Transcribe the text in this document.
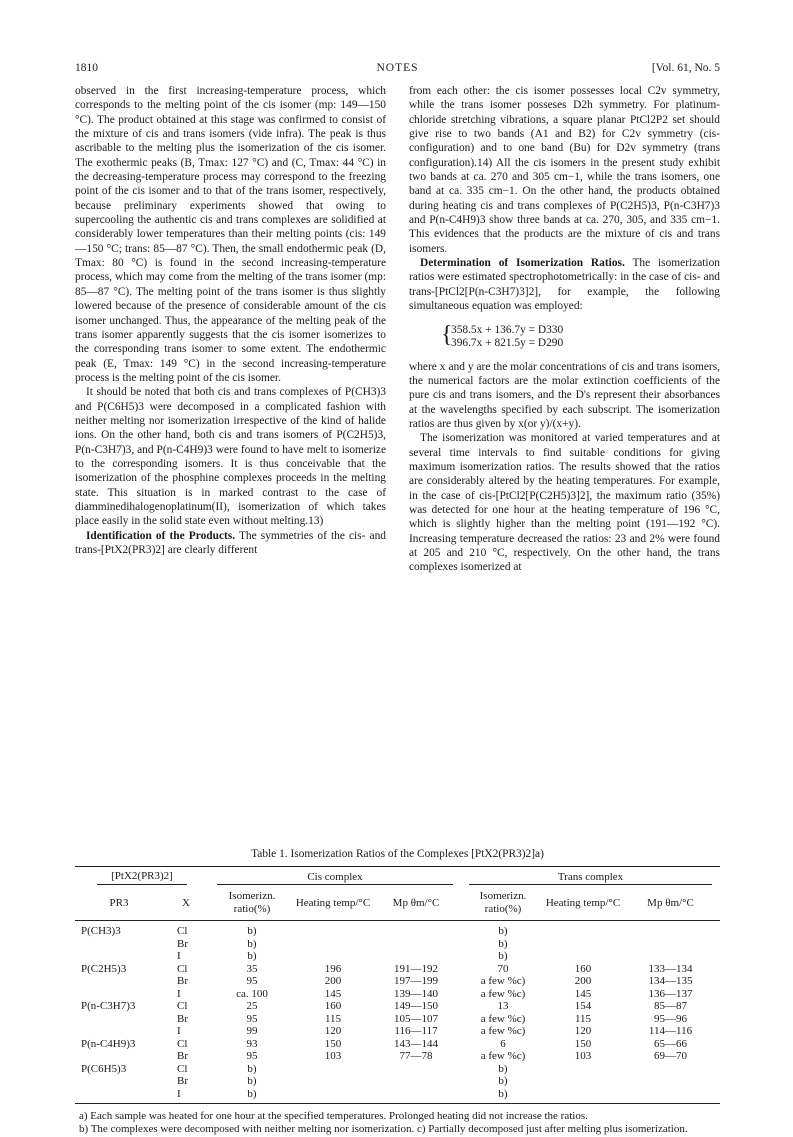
1810	NOTES	[Vol. 61, No. 5

observed in the first increasing-temperature process, which corresponds to the melting point of the cis isomer (mp: 149—150 °C). The product obtained at this stage was confirmed to consist of the mixture of cis and trans isomers (vide infra). The peak is thus ascribable to the melting plus the isomerization of the cis isomer. The exothermic peaks (B, Tmax: 127 °C) and (C, Tmax: 44 °C) in the decreasing-temperature process may correspond to the freezing point of the cis isomer and to that of the trans isomer, respectively, because preliminary experiments showed that owing to supercooling the authentic cis and trans complexes are solidified at considerably lower temperatures than their melting points (cis: 149—150 °C; trans: 85—87 °C). Then, the small endothermic peak (D, Tmax: 80 °C) is found in the second increasing-temperature process, which may come from the melting of the trans isomer (mp: 85—87 °C). The melting point of the trans isomer is thus slightly lowered because of the presence of considerable amount of the cis isomer unchanged. Thus, the appearance of the melting peak of the trans isomer apparently suggests that the cis isomer isomerizes to the corresponding trans isomer to some extent. The endothermic peak (E, Tmax: 149 °C) in the second increasing-temperature process is the melting point of the cis isomer.

It should be noted that both cis and trans complexes of P(CH3)3 and P(C6H5)3 were decomposed in a complicated fashion with neither melting nor isomerization irrespective of the kind of halide ions. On the other hand, both cis and trans isomers of P(C2H5)3, P(n-C3H7)3, and P(n-C4H9)3 were found to have melt to isomerize to the corresponding isomers. It is thus conceivable that the isomerization of the phosphine complexes proceeds in the melting state. This situation is in marked contrast to the case of diamminedihalogenoplatinum(II), isomerization of which takes place easily in the solid state even without melting.13)

Identification of the Products. The symmetries of the cis- and trans-[PtX2(PR3)2] are clearly different

from each other: the cis isomer possesses local C2v symmetry, while the trans isomer posseses D2h symmetry. For platinum-chloride stretching vibrations, a square planar PtCl2P2 set should give rise to two bands (A1 and B2) for C2v symmetry (cis-configuration) and to one band (Bu) for D2v symmetry (trans configuration).14) All the cis isomers in the present study exhibit two bands at ca. 270 and 305 cm−1, while the trans isomers, one band at ca. 335 cm−1. On the other hand, the products obtained during heating cis and trans complexes of P(C2H5)3, P(n-C3H7)3 and P(n-C4H9)3 show three bands at ca. 270, 305, and 335 cm−1. This evidences that the products are the mixture of cis and trans isomers.

Determination of Isomerization Ratios. The isomerization ratios were estimated spectrophotometrically: in the case of cis- and trans-[PtCl2[P(n-C3H7)3]2], for example, the following simultaneous equation was employed:

{
358.5x + 136.7y = D330
396.7x + 821.5y = D290

where x and y are the molar concentrations of cis and trans isomers, the numerical factors are the molar extinction coefficients of the pure cis and trans isomers, and the D's represent their absorbances at the wavelengths specified by each subscript. The isomerization ratios are thus given by x(or y)/(x+y).

The isomerization was monitored at varied temperatures and at several time intervals to find suitable conditions for giving maximum isomerization ratios. The results showed that the ratios are considerably altered by the heating temperatures. For example, in the case of cis-[PtCl2[P(C2H5)3]2], the maximum ratio (35%) was detected for one hour at the heating temperature of 196 °C, which is slightly higher than the melting point (191—192 °C). Increasing temperature decreased the ratios: 23 and 2% were found at 205 and 210 °C, respectively. On the other hand, the trans complexes isomerized at

Table 1. Isomerization Ratios of the Complexes [PtX2(PR3)2]a)
[PtX2(PR3)2]		Cis complex			Trans complex		

PR3	X	Isomerizn. ratio(%)	Heating temp/°C	Mp θm/°C	Isomerizn. ratio(%)	Heating temp/°C	Mp θm/°C
P(CH3)3	Cl	b)			b)		
	Br	b)			b)		
	I	b)			b)		
P(C2H5)3	Cl	35	196	191—192	70	160	133—134
	Br	95	200	197—199	a few %c)	200	134—135
	I	ca. 100	145	139—140	a few %c)	145	136—137
P(n-C3H7)3	Cl	25	160	149—150	13	154	85—87
	Br	95	115	105—107	a few %c)	115	95—96
	I	99	120	116—117	a few %c)	120	114—116
P(n-C4H9)3	Cl	93	150	143—144	6	150	65—66
	Br	95	103	77—78	a few %c)	103	69—70
P(C6H5)3	Cl	b)			b)		
	Br	b)			b)		
	I	b)			b)		

a) Each sample was heated for one hour at the specified temperatures. Prolonged heating did not increase the ratios.

b) The complexes were decomposed with neither melting nor isomerization. c) Partially decomposed just after melting plus isomerization.
